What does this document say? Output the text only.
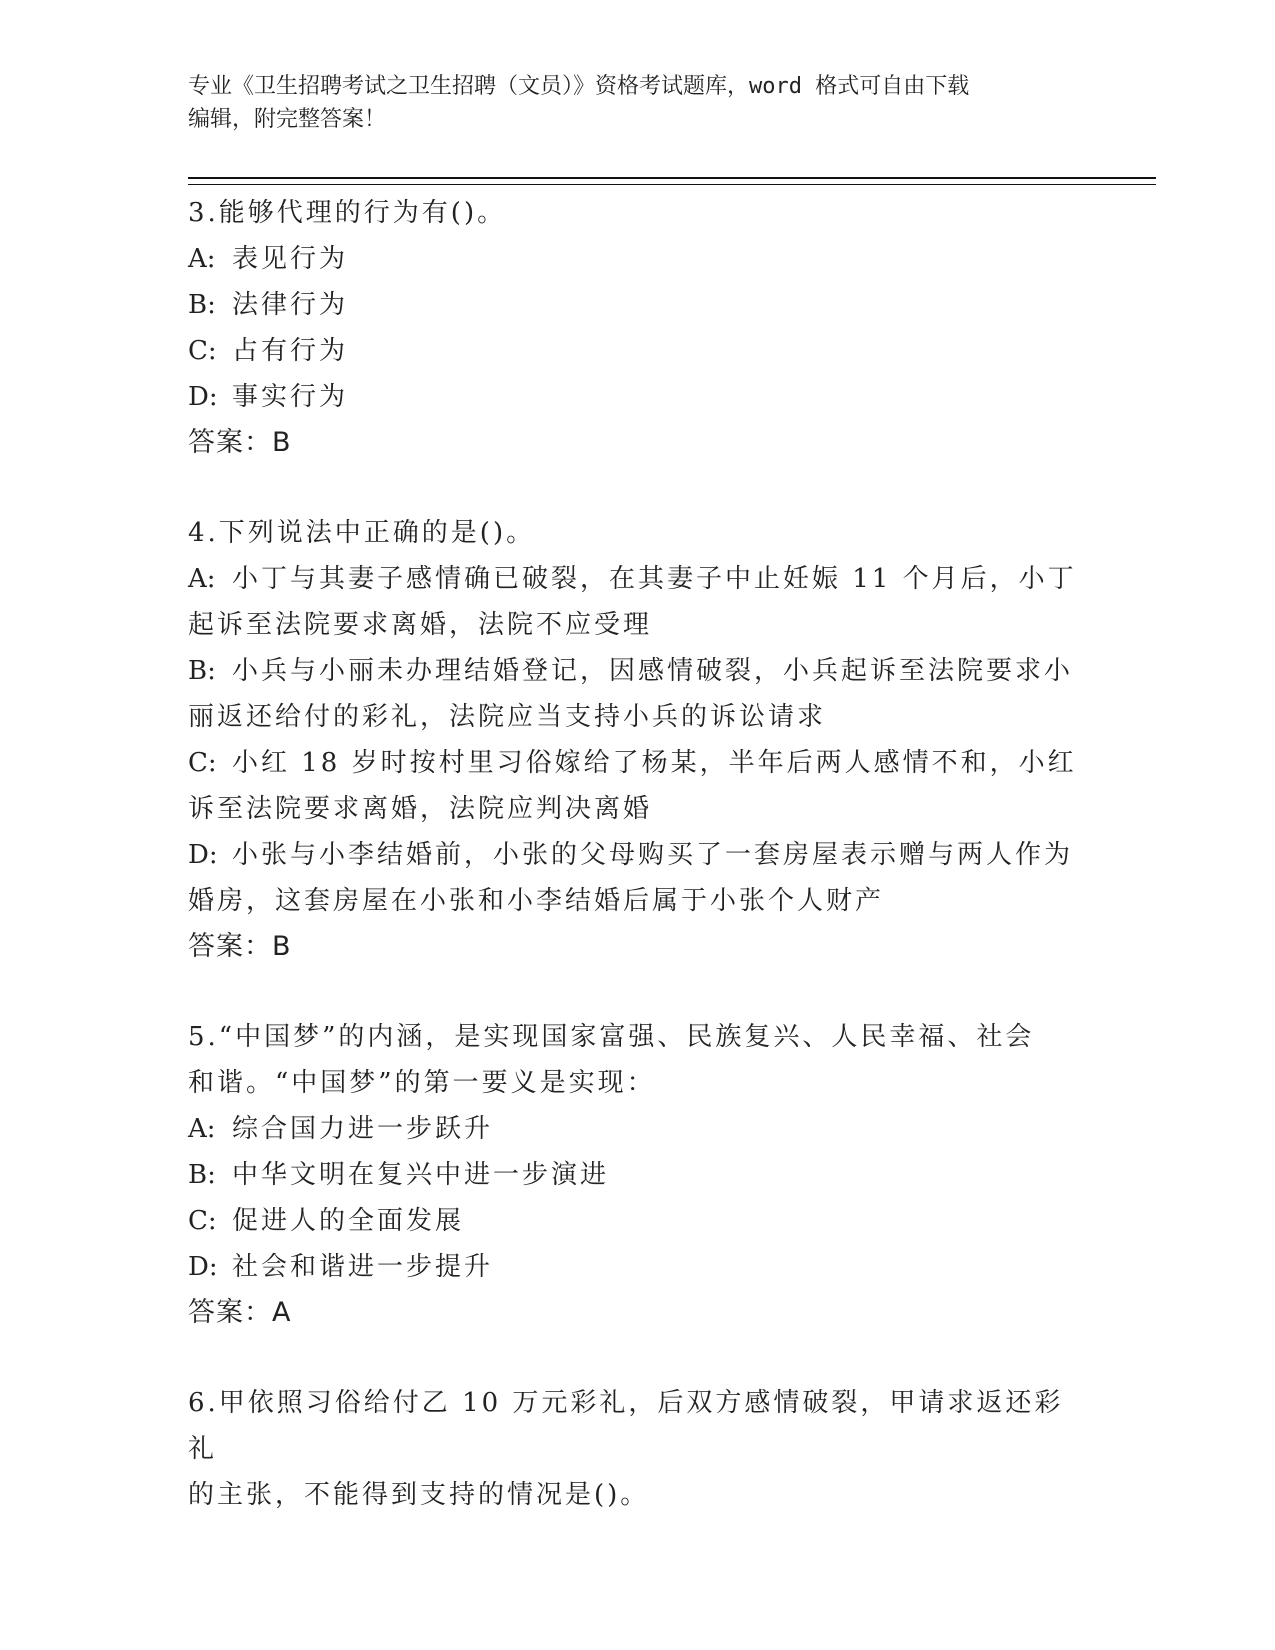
专业《卫生招聘考试之卫生招聘（文员）》资格考试题库，word 格式可自由下载
编辑，附完整答案！
3.能够代理的行为有()。
A: 表见行为
B: 法律行为
C: 占有行为
D: 事实行为
答案：B
4.下列说法中正确的是()。
A: 小丁与其妻子感情确已破裂，在其妻子中止妊娠 11 个月后，小丁
起诉至法院要求离婚，法院不应受理
B: 小兵与小丽未办理结婚登记，因感情破裂，小兵起诉至法院要求小
丽返还给付的彩礼，法院应当支持小兵的诉讼请求
C: 小红 18 岁时按村里习俗嫁给了杨某，半年后两人感情不和，小红
诉至法院要求离婚，法院应判决离婚
D: 小张与小李结婚前，小张的父母购买了一套房屋表示赠与两人作为
婚房，这套房屋在小张和小李结婚后属于小张个人财产
答案：B
5.“中国梦”的内涵，是实现国家富强、民族复兴、人民幸福、社会
和谐。“中国梦”的第一要义是实现：
A: 综合国力进一步跃升
B: 中华文明在复兴中进一步演进
C: 促进人的全面发展
D: 社会和谐进一步提升
答案：A
6.甲依照习俗给付乙 10 万元彩礼，后双方感情破裂，甲请求返还彩礼
的主张，不能得到支持的情况是()。
